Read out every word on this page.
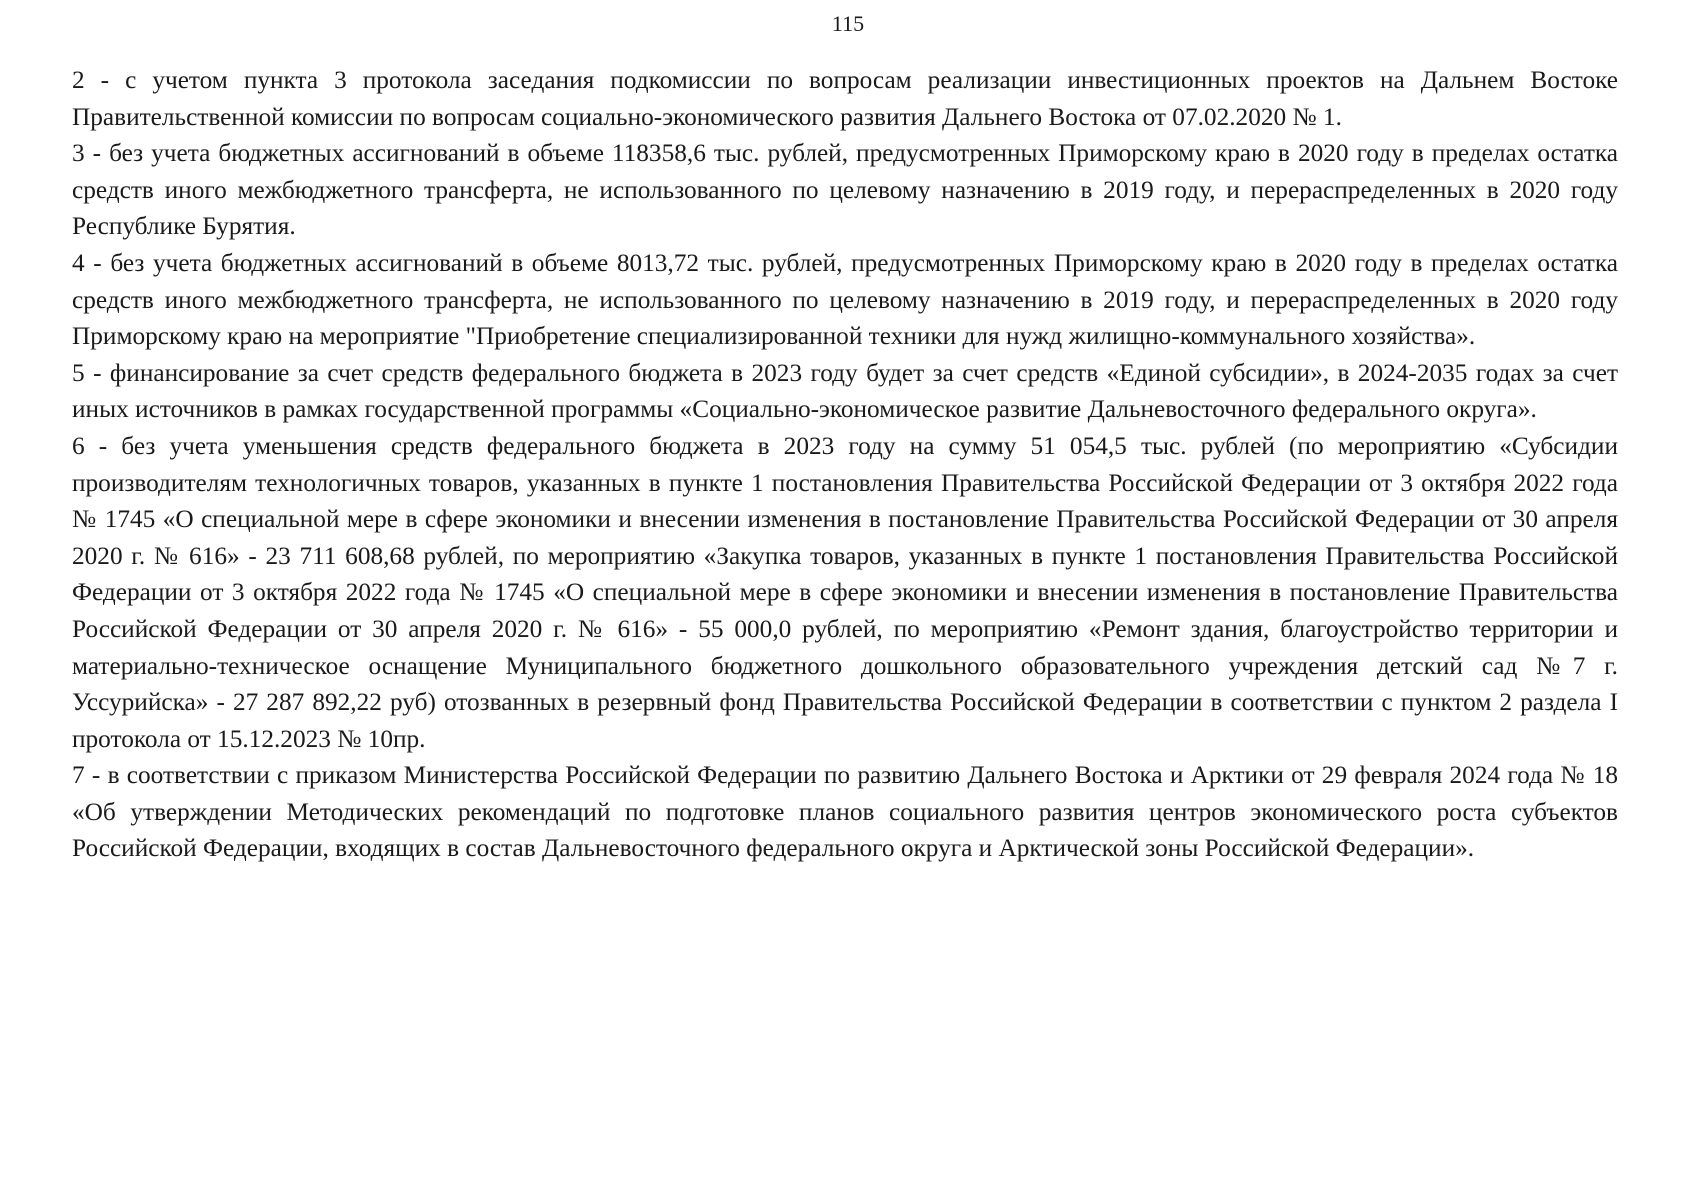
115

2 - с учетом пункта 3 протокола заседания подкомиссии по вопросам реализации инвестиционных проектов на Дальнем Востоке Правительственной комиссии по вопросам социально-экономического развития Дальнего Востока от 07.02.2020 № 1.

3 - без учета бюджетных ассигнований в объеме 118358,6 тыс. рублей, предусмотренных Приморскому краю в 2020 году в пределах остатка средств иного межбюджетного трансферта, не использованного по целевому назначению в 2019 году, и перераспределенных в 2020 году Республике Бурятия.

4 - без учета бюджетных ассигнований в объеме 8013,72 тыс. рублей, предусмотренных Приморскому краю в 2020 году в пределах остатка средств иного межбюджетного трансферта, не использованного по целевому назначению в 2019 году, и перераспределенных в 2020 году Приморскому краю на мероприятие "Приобретение специализированной техники для нужд жилищно-коммунального хозяйства».

5 - финансирование за счет средств федерального бюджета в 2023 году будет за счет средств «Единой субсидии», в 2024-2035 годах за счет иных источников в рамках государственной программы «Социально-экономическое развитие Дальневосточного федерального округа».

6 - без учета уменьшения средств федерального бюджета в 2023 году на сумму 51 054,5 тыс. рублей (по мероприятию «Субсидии производителям технологичных товаров, указанных в пункте 1 постановления Правительства Российской Федерации от 3 октября 2022 года № 1745 «О специальной мере в сфере экономики и внесении изменения в постановление Правительства Российской Федерации от 30 апреля 2020 г. № 616» - 23 711 608,68 рублей, по мероприятию «Закупка товаров, указанных в пункте 1 постановления Правительства Российской Федерации от 3 октября 2022 года № 1745 «О специальной мере в сфере экономики и внесении изменения в постановление Правительства Российской Федерации от 30 апреля 2020 г. № 616» - 55 000,0 рублей, по мероприятию «Ремонт здания, благоустройство территории и материально-техническое оснащение Муниципального бюджетного дошкольного образовательного учреждения детский сад №7 г. Уссурийска» - 27 287 892,22 руб) отозванных в резервный фонд Правительства Российской Федерации в соответствии с пунктом 2 раздела I протокола от 15.12.2023 № 10пр.

7 - в соответствии с приказом Министерства Российской Федерации по развитию Дальнего Востока и Арктики от 29 февраля 2024 года № 18 «Об утверждении Методических рекомендаций по подготовке планов социального развития центров экономического роста субъектов Российской Федерации, входящих в состав Дальневосточного федерального округа и Арктической зоны Российской Федерации».
